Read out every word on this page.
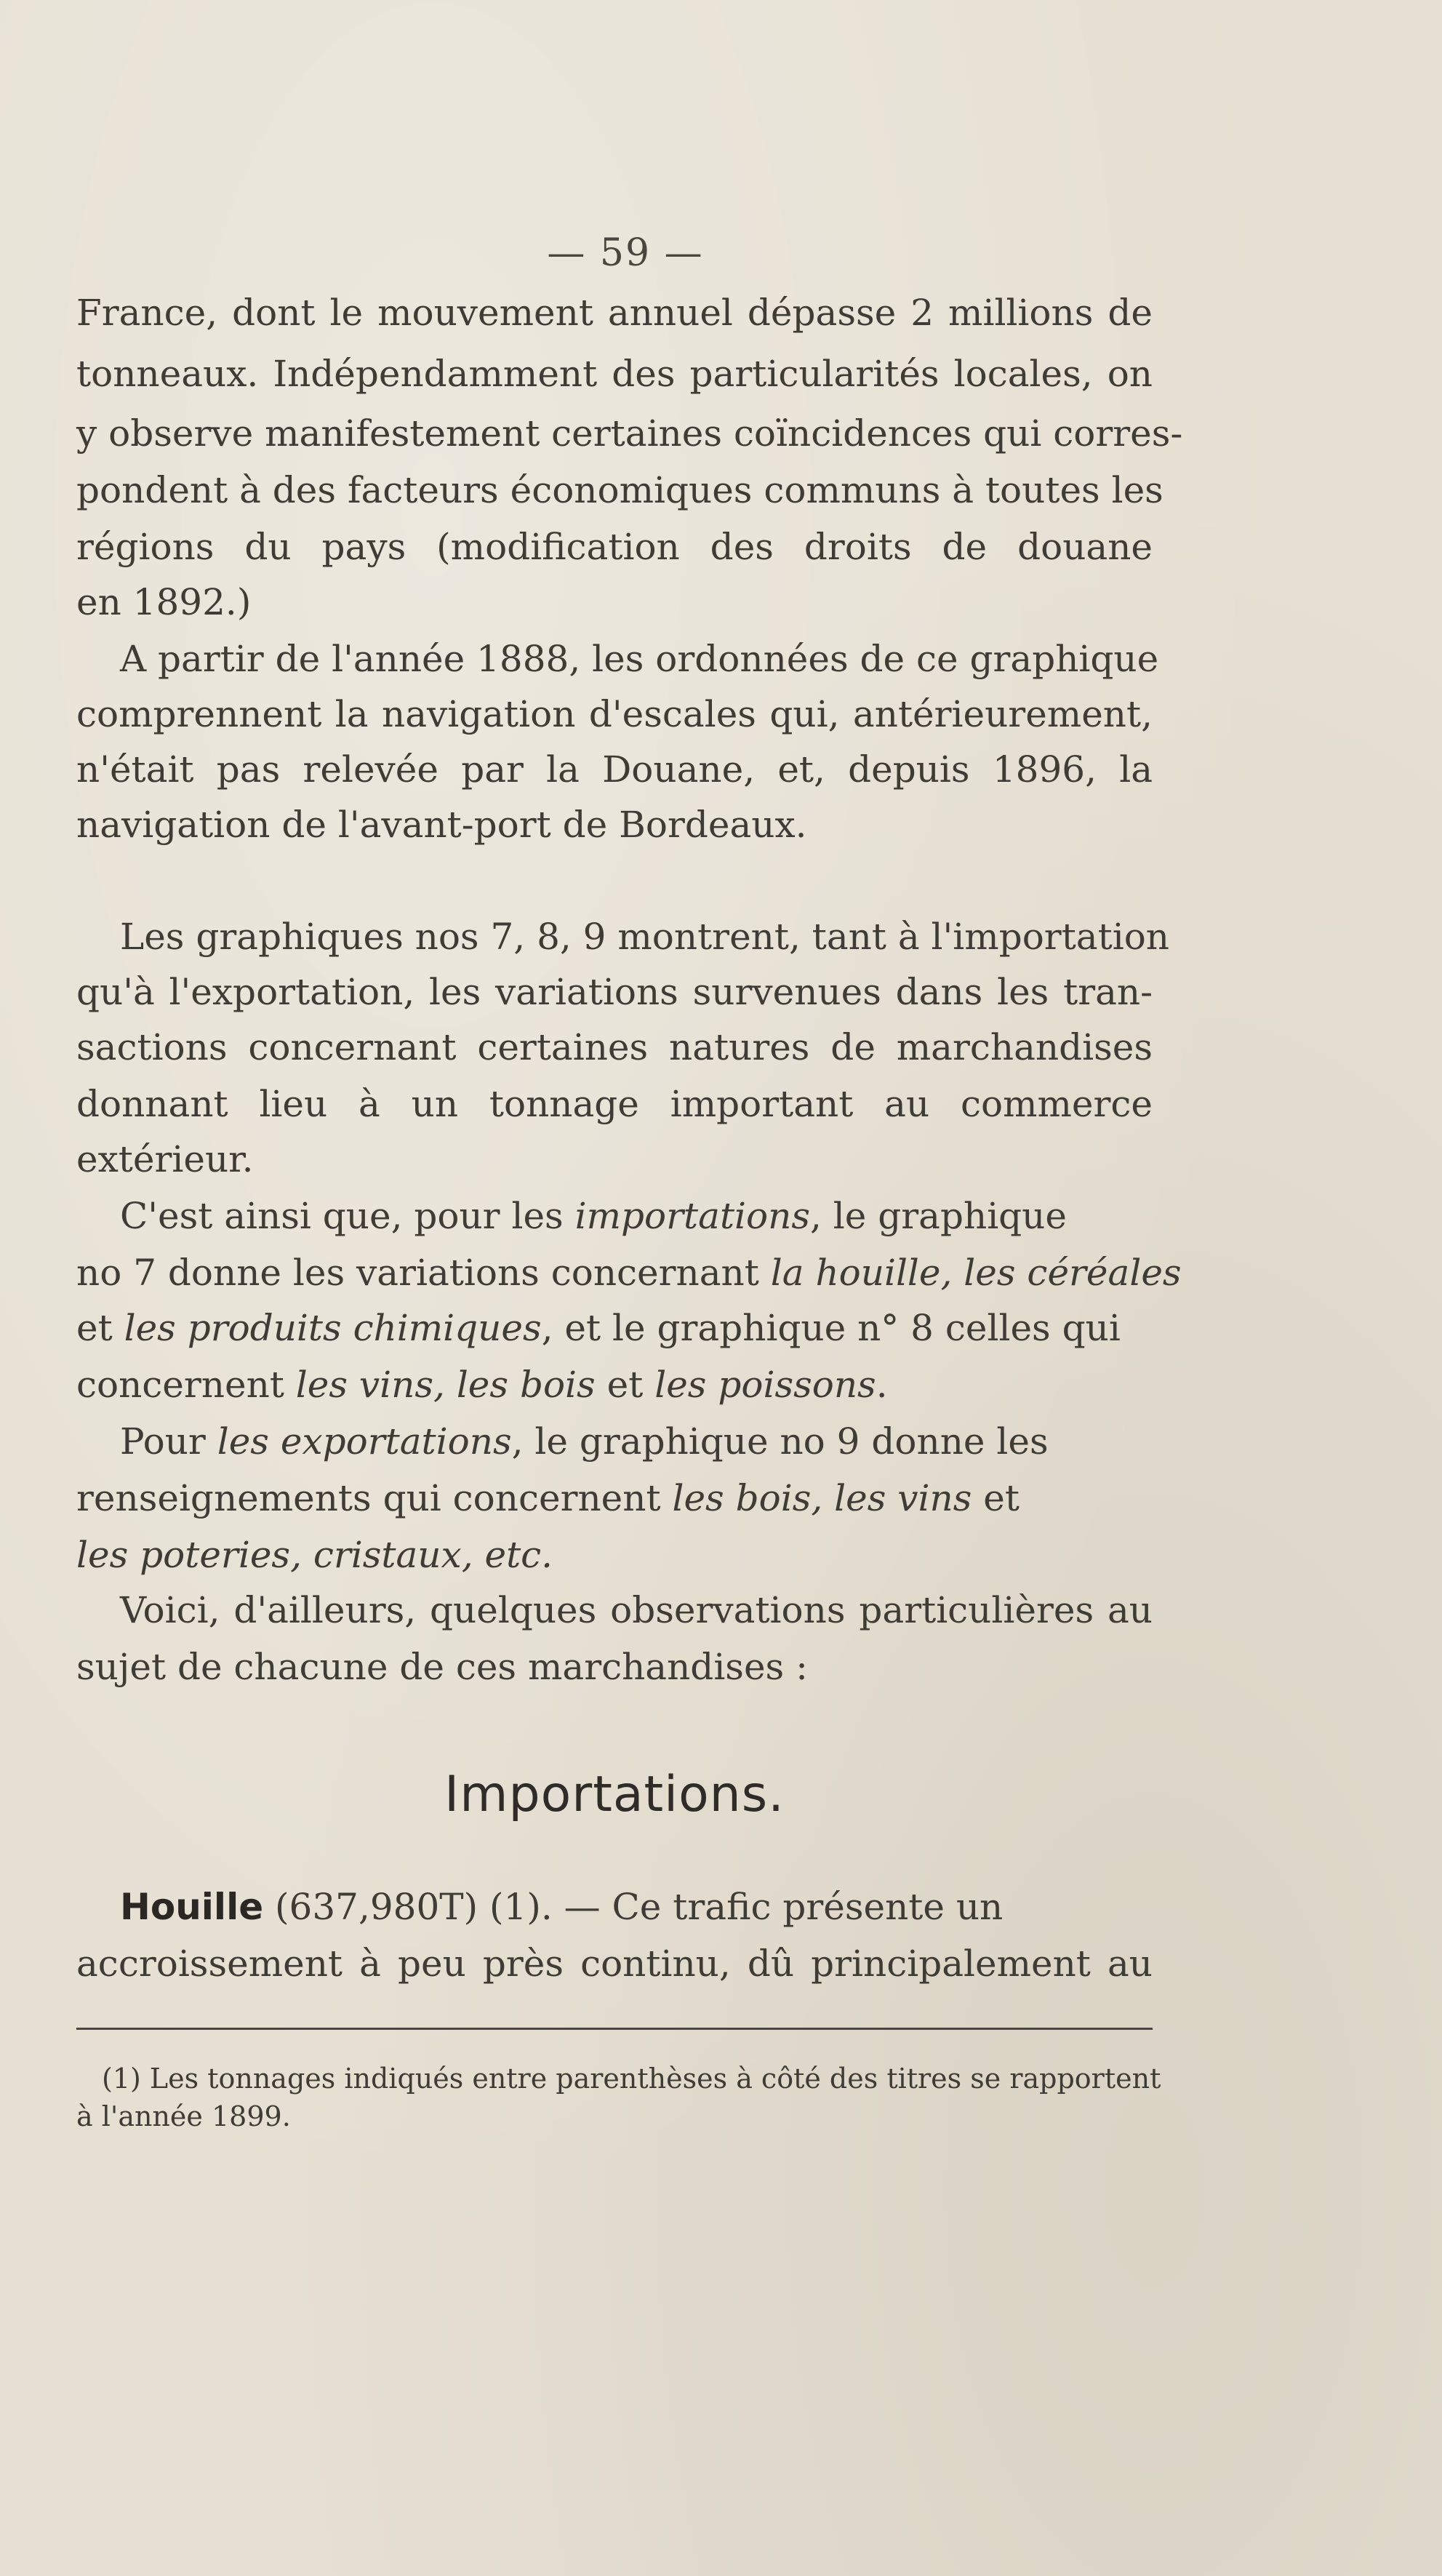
— 59 —
France, dont le mouvement annuel dépasse 2 millions de
tonneaux. Indépendamment des particularités locales, on
y observe manifestement certaines coïncidences qui corres-
pondent à des facteurs économiques communs à toutes les
régions du pays (modification des droits de douane
en 1892.)
A partir de l'année 1888, les ordonnées de ce graphique
comprennent la navigation d'escales qui, antérieurement,
n'était pas relevée par la Douane, et, depuis 1896, la
navigation de l'avant-port de Bordeaux.
Les graphiques nos 7, 8, 9 montrent, tant à l'importation
qu'à l'exportation, les variations survenues dans les tran-
sactions concernant certaines natures de marchandises
donnant lieu à un tonnage important au commerce
extérieur.
C'est ainsi que, pour les importations, le graphique
no 7 donne les variations concernant la houille, les céréales
et les produits chimiques, et le graphique n° 8 celles qui
concernent les vins, les bois et les poissons.
Pour les exportations, le graphique no 9 donne les
renseignements qui concernent les bois, les vins et
les poteries, cristaux, etc.
Voici, d'ailleurs, quelques observations particulières au
sujet de chacune de ces marchandises :
Importations.
Houille (637,980T) (1). — Ce trafic présente un
accroissement à peu près continu, dû principalement au
(1) Les tonnages indiqués entre parenthèses à côté des titres se rapportent
à l'année 1899.
